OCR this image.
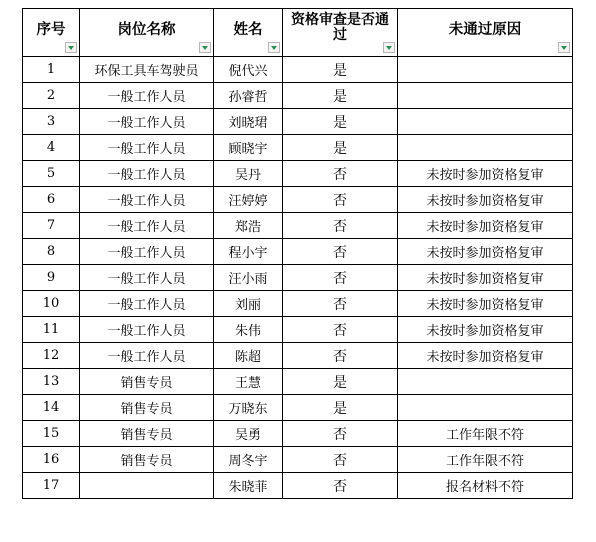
序号	岗位名称	姓名	资格审查是否通过	未通过原因

1	环保工具车驾驶员	倪代兴	是	
2	一般工作人员	孙睿哲	是	
3	一般工作人员	刘晓珺	是	
4	一般工作人员	顾晓宇	是	
5	一般工作人员	吴丹	否	未按时参加资格复审
6	一般工作人员	汪婷婷	否	未按时参加资格复审
7	一般工作人员	郑浩	否	未按时参加资格复审
8	一般工作人员	程小宇	否	未按时参加资格复审
9	一般工作人员	汪小雨	否	未按时参加资格复审
10	一般工作人员	刘丽	否	未按时参加资格复审
11	一般工作人员	朱伟	否	未按时参加资格复审
12	一般工作人员	陈超	否	未按时参加资格复审
13	销售专员	王慧	是	
14	销售专员	万晓东	是	
15	销售专员	吴勇	否	工作年限不符
16	销售专员	周冬宇	否	工作年限不符
17		朱晓菲	否	报名材料不符
